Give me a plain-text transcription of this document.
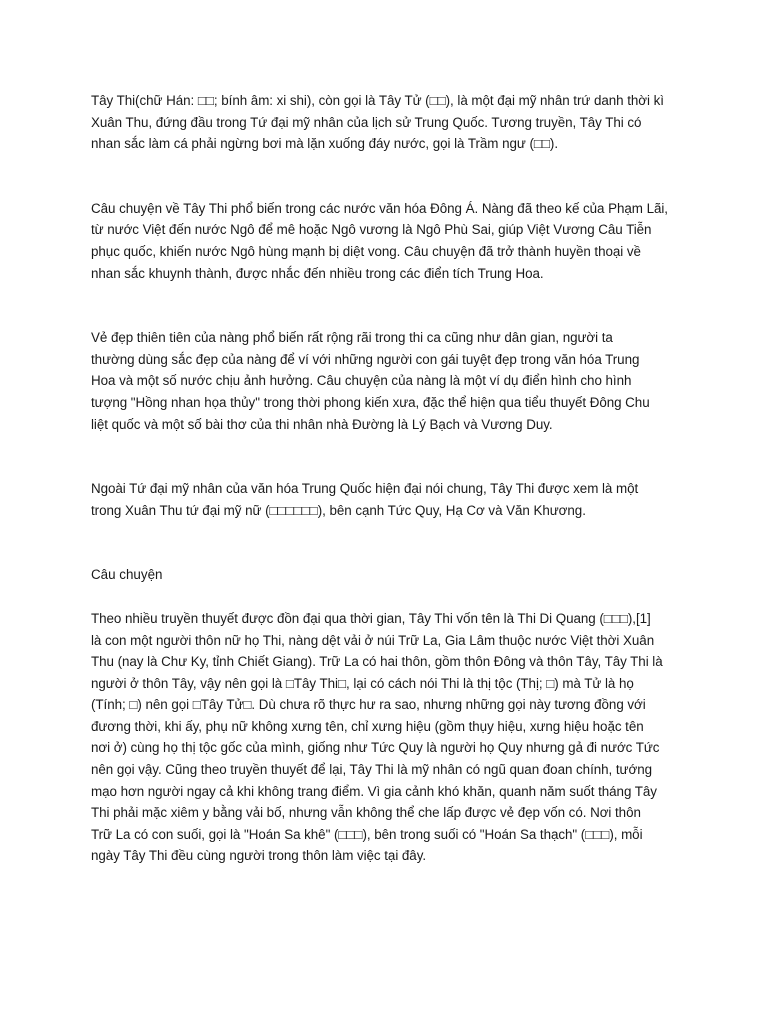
Tây Thi(chữ Hán: □□; bính âm: xi shi), còn gọi là Tây Tử (□□), là một đại mỹ nhân trứ danh thời kì
Xuân Thu, đứng đầu trong Tứ đại mỹ nhân của lịch sử Trung Quốc. Tương truyền, Tây Thi có
nhan sắc làm cá phải ngừng bơi mà lặn xuống đáy nước, gọi là Trầm ngư (□□).

Câu chuyện về Tây Thi phổ biến trong các nước văn hóa Đông Á. Nàng đã theo kế của Phạm Lãi,
từ nước Việt đến nước Ngô để mê hoặc Ngô vương là Ngô Phù Sai, giúp Việt Vương Câu Tiễn
phục quốc, khiến nước Ngô hùng mạnh bị diệt vong. Câu chuyện đã trở thành huyền thoại về
nhan sắc khuynh thành, được nhắc đến nhiều trong các điển tích Trung Hoa.

Vẻ đẹp thiên tiên của nàng phổ biến rất rộng rãi trong thi ca cũng như dân gian, người ta
thường dùng sắc đẹp của nàng để ví với những người con gái tuyệt đẹp trong văn hóa Trung
Hoa và một số nước chịu ảnh hưởng. Câu chuyện của nàng là một ví dụ điển hình cho hình
tượng "Hồng nhan họa thủy" trong thời phong kiến xưa, đặc thể hiện qua tiểu thuyết Đông Chu
liệt quốc và một số bài thơ của thi nhân nhà Đường là Lý Bạch và Vương Duy.

Ngoài Tứ đại mỹ nhân của văn hóa Trung Quốc hiện đại nói chung, Tây Thi được xem là một
trong Xuân Thu tứ đại mỹ nữ (□□□□□□), bên cạnh Tức Quy, Hạ Cơ và Văn Khương.

Câu chuyện

Theo nhiều truyền thuyết được đồn đại qua thời gian, Tây Thi vốn tên là Thi Di Quang (□□□),[1]
là con một người thôn nữ họ Thi, nàng dệt vải ở núi Trữ La, Gia Lâm thuộc nước Việt thời Xuân
Thu (nay là Chư Ky, tỉnh Chiết Giang). Trữ La có hai thôn, gồm thôn Đông và thôn Tây, Tây Thi là
người ở thôn Tây, vậy nên gọi là □Tây Thi□, lại có cách nói Thi là thị tộc (Thị; □) mà Tử là họ
(Tính; □) nên gọi □Tây Tử□. Dù chưa rõ thực hư ra sao, nhưng những gọi này tương đồng với
đương thời, khi ấy, phụ nữ không xưng tên, chỉ xưng hiệu (gồm thụy hiệu, xưng hiệu hoặc tên
nơi ở) cùng họ thị tộc gốc của mình, giống như Tức Quy là người họ Quy nhưng gả đi nước Tức
nên gọi vậy. Cũng theo truyền thuyết để lại, Tây Thi là mỹ nhân có ngũ quan đoan chính, tướng
mạo hơn người ngay cả khi không trang điểm. Vì gia cảnh khó khăn, quanh năm suốt tháng Tây
Thi phải mặc xiêm y bằng vải bố, nhưng vẫn không thể che lấp được vẻ đẹp vốn có. Nơi thôn
Trữ La có con suối, gọi là "Hoán Sa khê" (□□□), bên trong suối có "Hoán Sa thạch" (□□□), mỗi
ngày Tây Thi đều cùng người trong thôn làm việc tại đây.
